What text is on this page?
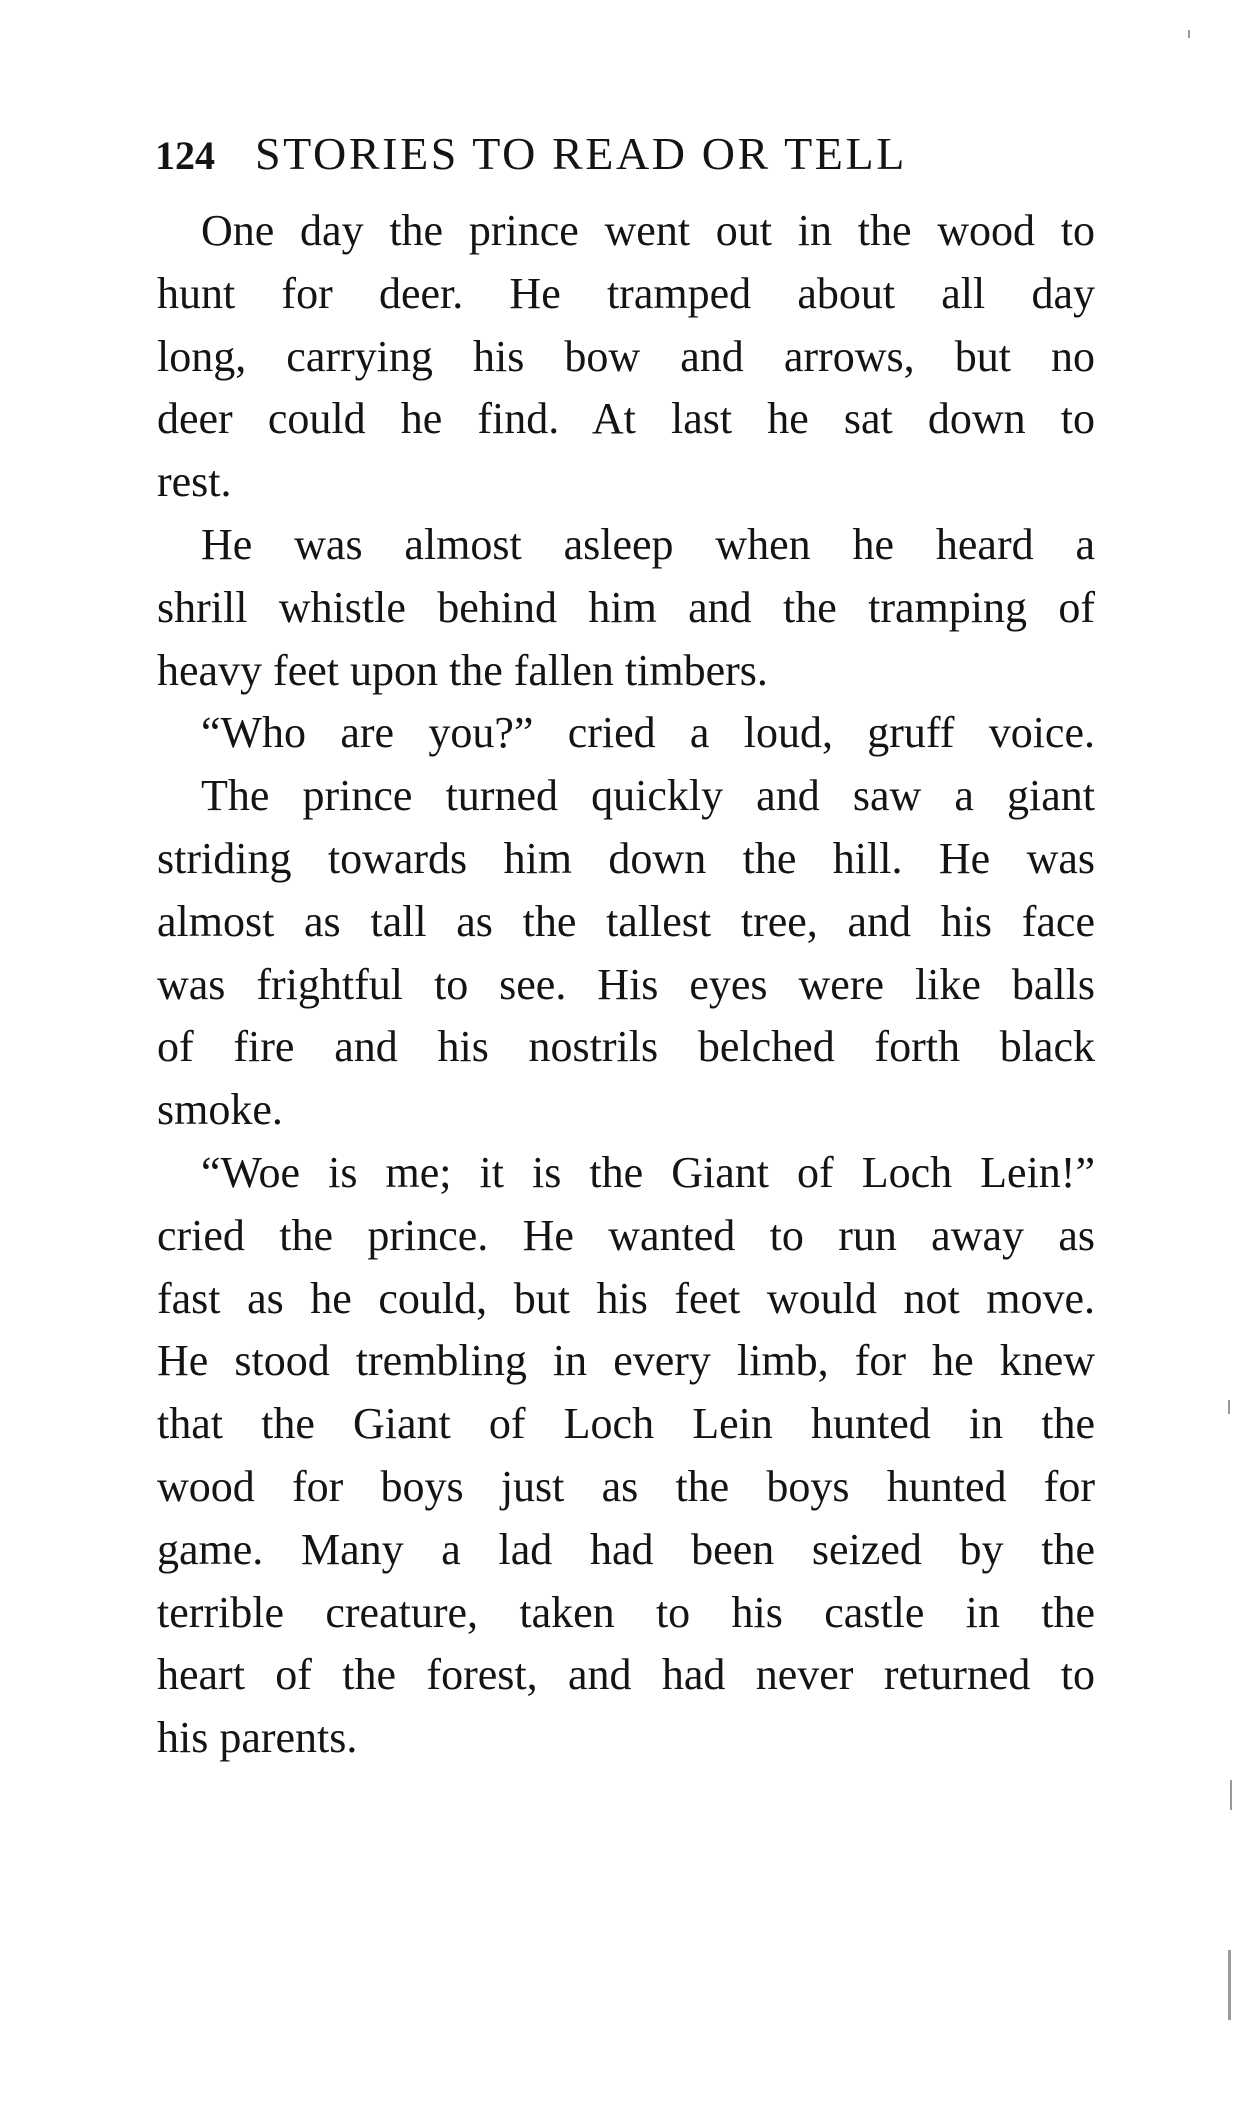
124 STORIES TO READ OR TELL
One day the prince went out in the wood to
hunt for deer. He tramped about all day
long, carrying his bow and arrows, but no
deer could he find. At last he sat down to
rest.
He was almost asleep when he heard a
shrill whistle behind him and the tramping of
heavy feet upon the fallen timbers.
“Who are you?” cried a loud, gruff voice.
The prince turned quickly and saw a giant
striding towards him down the hill. He was
almost as tall as the tallest tree, and his face
was frightful to see. His eyes were like balls
of fire and his nostrils belched forth black
smoke.
“Woe is me; it is the Giant of Loch Lein!”
cried the prince. He wanted to run away as
fast as he could, but his feet would not move.
He stood trembling in every limb, for he knew
that the Giant of Loch Lein hunted in the
wood for boys just as the boys hunted for
game. Many a lad had been seized by the
terrible creature, taken to his castle in the
heart of the forest, and had never returned to
his parents.
